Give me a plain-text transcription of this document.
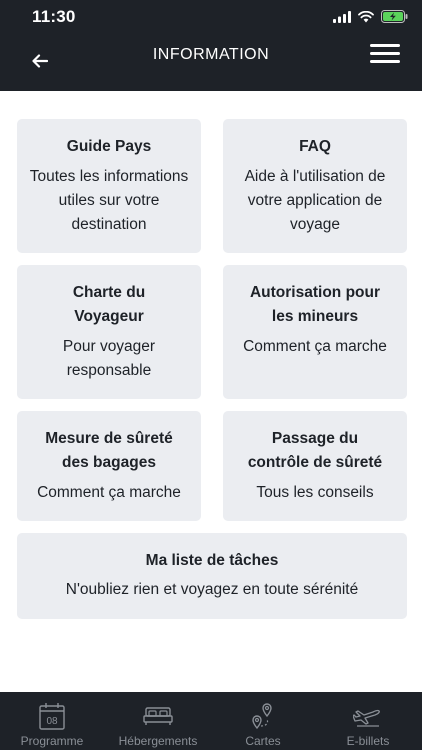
11:30
INFORMATION
Guide Pays
Toutes les informations
utiles sur votre
destination
FAQ
Aide à l'utilisation de
votre application de
voyage
Charte du
Voyageur
Pour voyager
responsable
Autorisation pour
les mineurs
Comment ça marche
Mesure de sûreté
des bagages
Comment ça marche
Passage du
contrôle de sûreté
Tous les conseils
Ma liste de tâches
N'oubliez rien et voyagez en toute sérénité
08
Programme	Hébergements	Cartes	E-billets
